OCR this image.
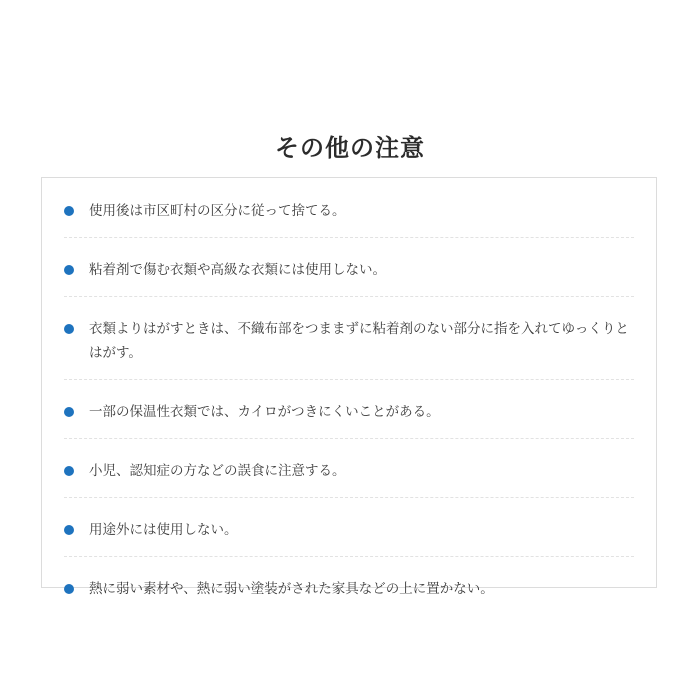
その他の注意
使用後は市区町村の区分に従って捨てる。
粘着剤で傷む衣類や高級な衣類には使用しない。
衣類よりはがすときは、不織布部をつままずに粘着剤のない部分に指を入れてゆっくりとはがす。
一部の保温性衣類では、カイロがつきにくいことがある。
小児、認知症の方などの誤食に注意する。
用途外には使用しない。
熱に弱い素材や、熱に弱い塗装がされた家具などの上に置かない。
